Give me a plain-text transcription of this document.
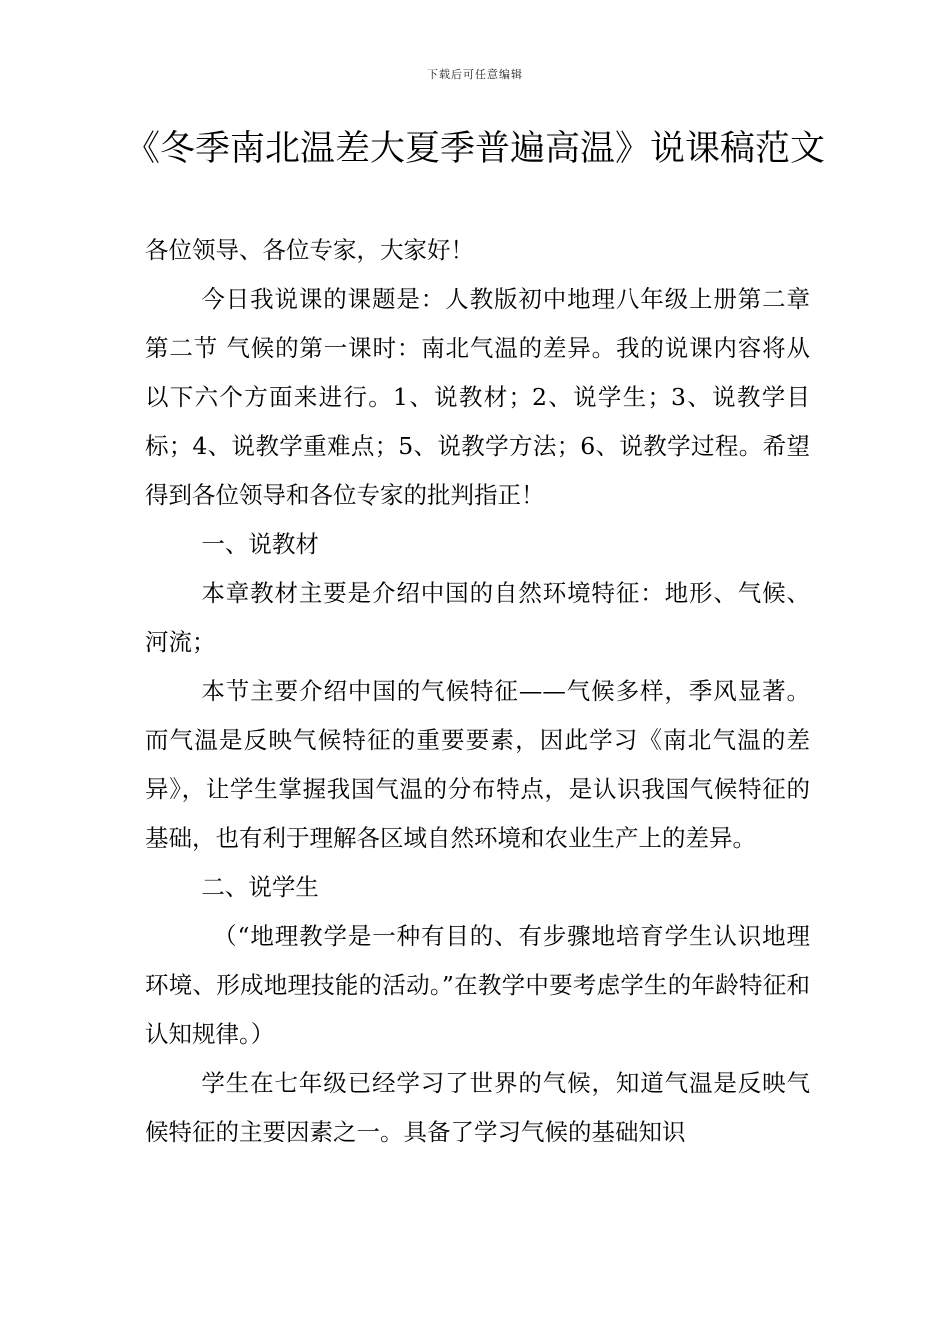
下载后可任意编辑
《冬季南北温差大夏季普遍高温》说课稿范文

各位领导、各位专家，大家好！

今日我说课的课题是：人教版初中地理八年级上册第二章第二节 气候的第一课时：南北气温的差异。我的说课内容将从以下六个方面来进行。1、说教材；2、说学生；3、说教学目标；4、说教学重难点；5、说教学方法；6、说教学过程。希望得到各位领导和各位专家的批判指正！

一、说教材

本章教材主要是介绍中国的自然环境特征：地形、气候、河流；

本节主要介绍中国的气候特征——气候多样，季风显著。而气温是反映气候特征的重要要素，因此学习《南北气温的差异》，让学生掌握我国气温的分布特点，是认识我国气候特征的基础，也有利于理解各区域自然环境和农业生产上的差异。

二、说学生

（“地理教学是一种有目的、有步骤地培育学生认识地理环境、形成地理技能的活动。”在教学中要考虑学生的年龄特征和认知规律。）

学生在七年级已经学习了世界的气候，知道气温是反映气候特征的主要因素之一。具备了学习气候的基础知识
